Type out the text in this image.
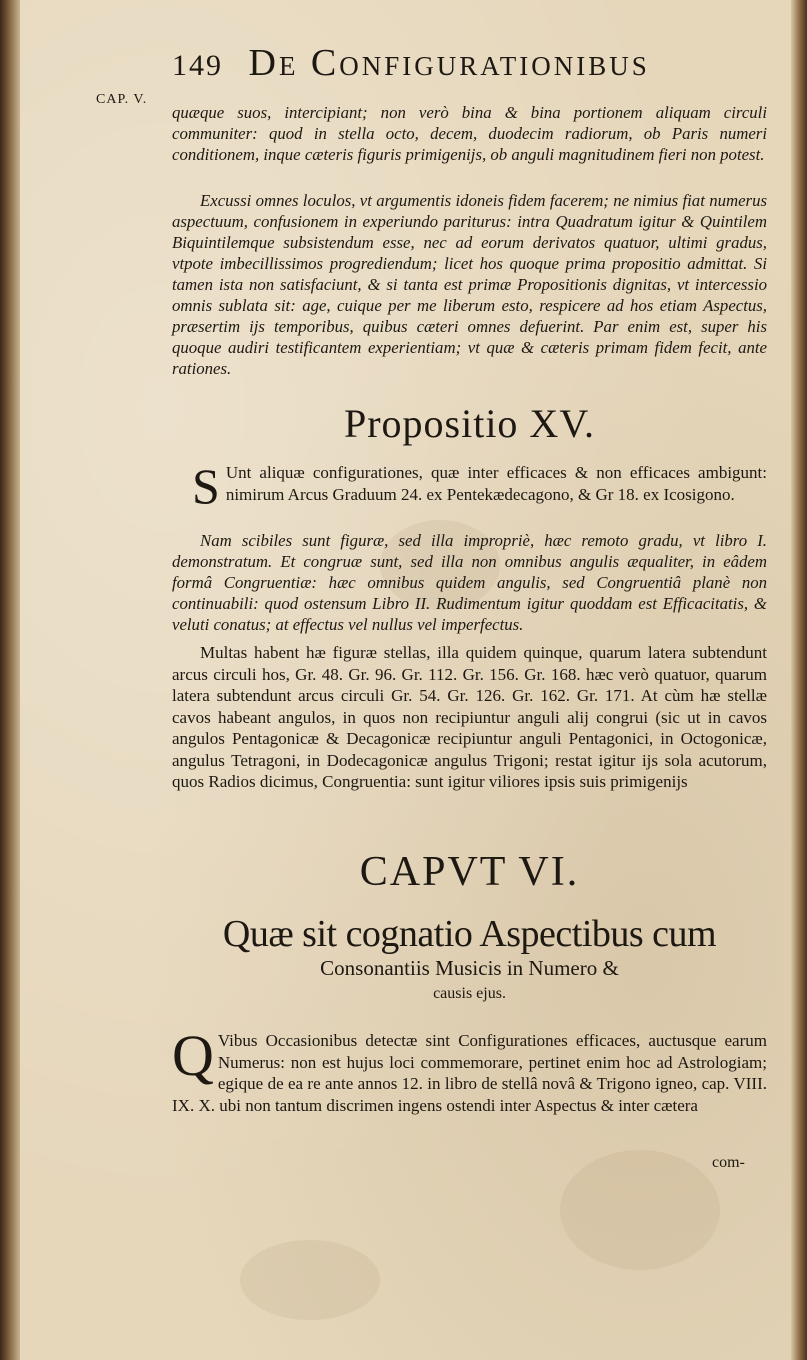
149 De Configurationibus
CAP. V.
quæque suos, intercipiant; non verò bina & bina portionem aliquam circuli communiter: quod in stella octo, decem, duodecim radiorum, ob Paris numeri conditionem, inque cæteris figuris primigenijs, ob anguli magnitudinem fieri non potest.
Excussi omnes loculos, vt argumentis idoneis fidem facerem; ne nimius fiat numerus aspectuum, confusionem in experiundo pariturus: intra Quadratum igitur & Quintilem Biquintilemque subsistendum esse, nec ad eorum derivatos quatuor, ultimi gradus, vtpote imbecillissimos progrediendum; licet hos quoque prima propositio admittat. Si tamen ista non satisfaciunt, & si tanta est primæ Propositionis dignitas, vt intercessio omnis sublata sit: age, cuique per me liberum esto, respicere ad hos etiam Aspectus, præsertim ijs temporibus, quibus cæteri omnes defuerint. Par enim est, super his quoque audiri testificantem experientiam; vt quæ & cæteris primam fidem fecit, ante rationes.
Propositio XV.
S Unt aliquæ configurationes, quæ inter efficaces & non efficaces ambigunt: nimirum Arcus Graduum 24. ex Pentekædecagono, & Gr 18. ex Icosigono.
Nam scibiles sunt figuræ, sed illa impropriè, hæc remoto gradu, vt libro I. demonstratum. Et congruæ sunt, sed illa non omnibus angulis æqualiter, in eâdem formâ Congruentiæ: hæc omnibus quidem angulis, sed Congruentiâ planè non continuabili: quod ostensum Libro II. Rudimentum igitur quoddam est Efficacitatis, & veluti conatus; at effectus vel nullus vel imperfectus.
Multas habent hæ figuræ stellas, illa quidem quinque, quarum latera subtendunt arcus circuli hos, Gr. 48. Gr. 96. Gr. 112. Gr. 156. Gr. 168. hæc verò quatuor, quarum latera subtendunt arcus circuli Gr. 54. Gr. 126. Gr. 162. Gr. 171. At cùm hæ stellæ cavos habeant angulos, in quos non recipiuntur anguli alij congrui (sic ut in cavos angulos Pentagonicæ & Decagonicæ recipiuntur anguli Pentagonici, in Octogonicæ, angulus Tetragoni, in Dodecagonicæ angulus Trigoni; restat igitur ijs sola acutorum, quos Radios dicimus, Congruentia: sunt igitur viliores ipsis suis primigenijs
CAPVT VI.
Quæ sit cognatio Aspectibus cum
Consonantiis Musicis in Numero &
causis ejus.
Q Vibus Occasionibus detectæ sint Configurationes efficaces, auctusque earum Numerus: non est hujus loci commemorare, pertinet enim hoc ad Astrologiam; egique de ea re ante annos 12. in libro de stellâ novâ & Trigono igneo, cap. VIII. IX. X. ubi non tantum discrimen ingens ostendi inter Aspectus & inter cætera
com-
